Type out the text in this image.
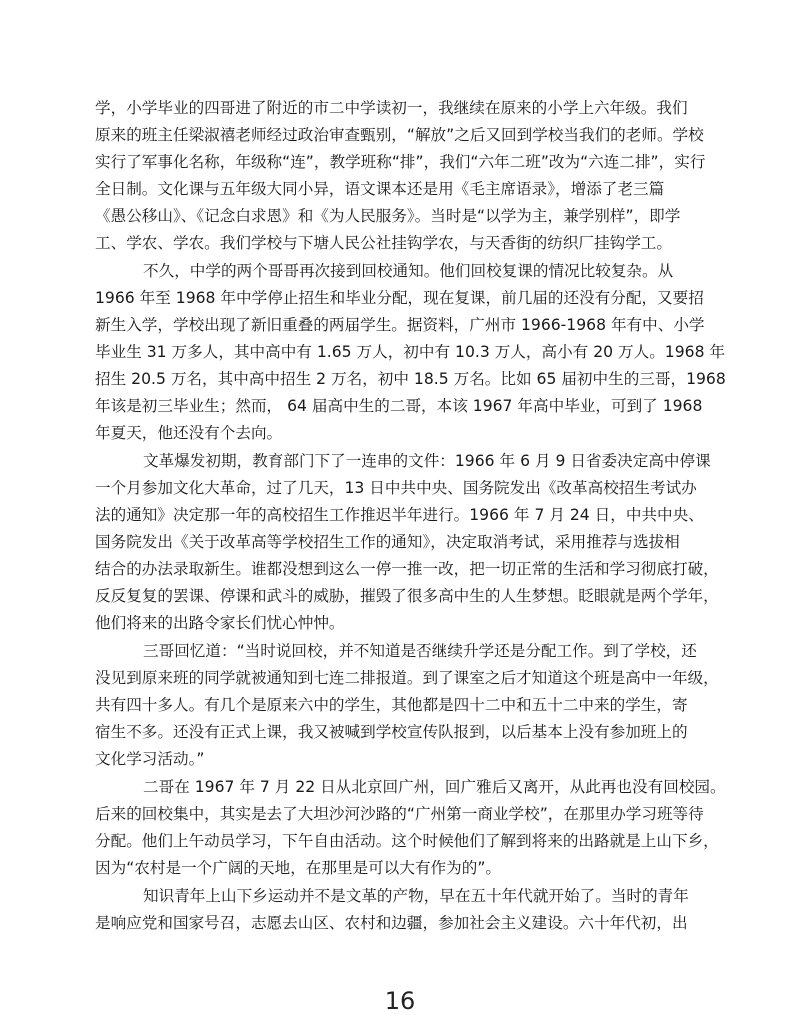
学，小学毕业的四哥进了附近的市二中学读初一，我继续在原来的小学上六年级。我们
原来的班主任梁淑禧老师经过政治审查甄别，“解放”之后又回到学校当我们的老师。学校
实行了军事化名称，年级称“连”，教学班称“排”，我们“六年二班”改为“六连二排”，实行
全日制。文化课与五年级大同小异，语文课本还是用《毛主席语录》，增添了老三篇
《愚公移山》、《记念白求恩》和《为人民服务》。当时是“以学为主，兼学别样”，即学
工、学农、学农。我们学校与下塘人民公社挂钩学农，与天香街的纺织厂挂钩学工。
不久，中学的两个哥哥再次接到回校通知。他们回校复课的情况比较复杂。从
1966 年至 1968 年中学停止招生和毕业分配，现在复课，前几届的还没有分配，又要招
新生入学，学校出现了新旧重叠的两届学生。据资料，广州市 1966-1968 年有中、小学
毕业生 31 万多人，其中高中有 1.65 万人，初中有 10.3 万人，高小有 20 万人。1968 年
招生 20.5 万名，其中高中招生 2 万名，初中 18.5 万名。比如 65 届初中生的三哥，1968
年该是初三毕业生；然而， 64 届高中生的二哥，本该 1967 年高中毕业，可到了 1968
年夏天，他还没有个去向。
文革爆发初期，教育部门下了一连串的文件：1966 年 6 月 9 日省委决定高中停课
一个月参加文化大革命，过了几天，13 日中共中央、国务院发出《改革高校招生考试办
法的通知》决定那一年的高校招生工作推迟半年进行。1966 年 7 月 24 日，中共中央、
国务院发出《关于改革高等学校招生工作的通知》，决定取消考试，采用推荐与选拔相
结合的办法录取新生。谁都没想到这么一停一推一改，把一切正常的生活和学习彻底打破，
反反复复的罢课、停课和武斗的威胁，摧毁了很多高中生的人生梦想。眨眼就是两个学年，
他们将来的出路令家长们忧心忡忡。
三哥回忆道：“当时说回校，并不知道是否继续升学还是分配工作。到了学校，还
没见到原来班的同学就被通知到七连二排报道。到了课室之后才知道这个班是高中一年级，
共有四十多人。有几个是原来六中的学生，其他都是四十二中和五十二中来的学生，寄
宿生不多。还没有正式上课，我又被喊到学校宣传队报到，以后基本上没有参加班上的
文化学习活动。”
二哥在 1967 年 7 月 22 日从北京回广州，回广雅后又离开，从此再也没有回校园。
后来的回校集中，其实是去了大坦沙河沙路的“广州第一商业学校”，在那里办学习班等待
分配。他们上午动员学习，下午自由活动。这个时候他们了解到将来的出路就是上山下乡，
因为“农村是一个广阔的天地，在那里是可以大有作为的”。
知识青年上山下乡运动并不是文革的产物，早在五十年代就开始了。当时的青年
是响应党和国家号召，志愿去山区、农村和边疆，参加社会主义建设。六十年代初，出
16
